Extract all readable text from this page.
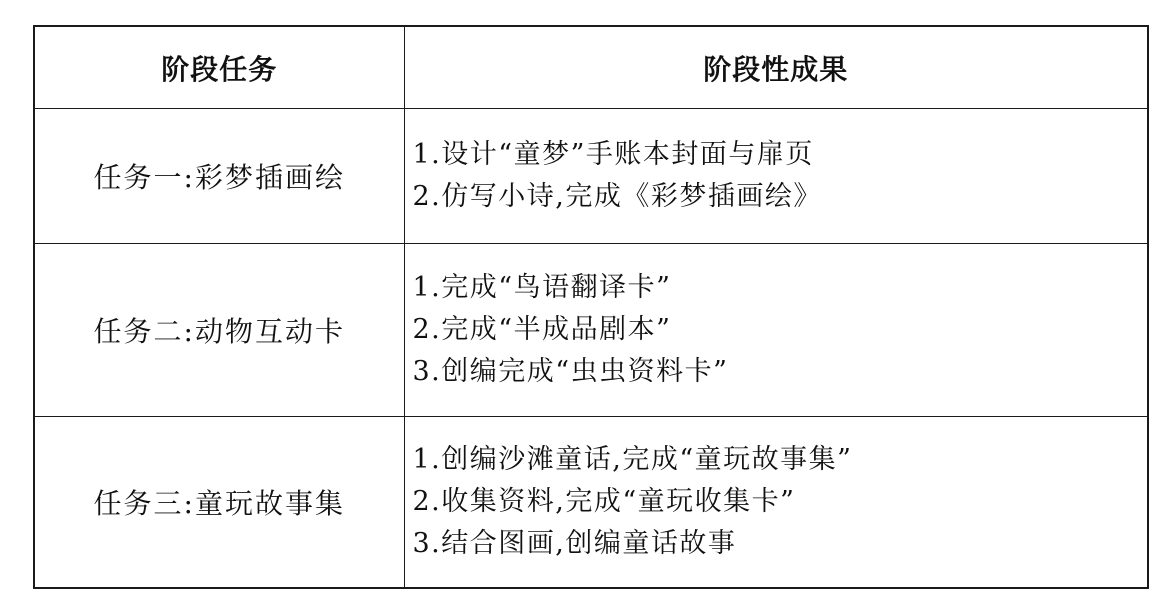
阶段任务	阶段性成果
任务一:彩梦插画绘	1.设计“童梦”手账本封面与扉页
2.仿写小诗,完成《彩梦插画绘》

任务二:动物互动卡	1.完成“鸟语翻译卡”
2.完成“半成品剧本”
3.创编完成“虫虫资料卡”

任务三:童玩故事集	1.创编沙滩童话,完成“童玩故事集”
2.收集资料,完成“童玩收集卡”
3.结合图画,创编童话故事
